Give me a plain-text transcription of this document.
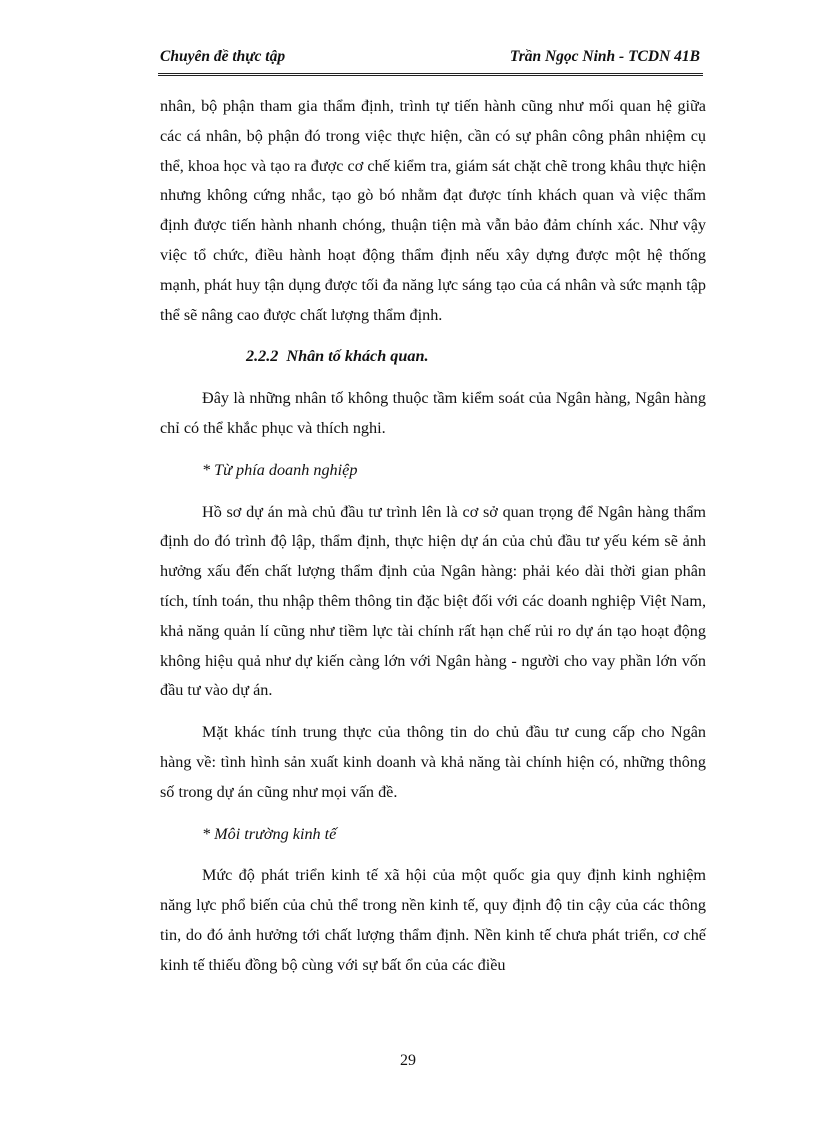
Chuyên đề thực tập	Trần Ngọc Ninh - TCDN 41B

nhân, bộ phận tham gia thẩm định, trình tự tiến hành cũng như mối quan hệ giữa các cá nhân, bộ phận đó trong việc thực hiện, cần có sự phân công phân nhiệm cụ thể, khoa học và tạo ra được cơ chế kiểm tra, giám sát chặt chẽ trong khâu thực hiện nhưng không cứng nhắc, tạo gò bó nhằm đạt được tính khách quan và việc thẩm định được tiến hành nhanh chóng, thuận tiện mà vẫn bảo đảm chính xác. Như vậy việc tổ chức, điều hành hoạt động thẩm định nếu xây dựng được một hệ thống mạnh, phát huy tận dụng được tối đa năng lực sáng tạo của cá nhân và sức mạnh tập thể sẽ nâng cao được chất lượng thẩm định.

2.2.2 Nhân tố khách quan.

Đây là những nhân tố không thuộc tầm kiểm soát của Ngân hàng, Ngân hàng chỉ có thể khắc phục và thích nghi.

* Từ phía doanh nghiệp

Hồ sơ dự án mà chủ đầu tư trình lên là cơ sở quan trọng để Ngân hàng thẩm định do đó trình độ lập, thẩm định, thực hiện dự án của chủ đầu tư yếu kém sẽ ảnh hưởng xấu đến chất lượng thẩm định của Ngân hàng: phải kéo dài thời gian phân tích, tính toán, thu nhập thêm thông tin đặc biệt đối với các doanh nghiệp Việt Nam, khả năng quản lí cũng như tiềm lực tài chính rất hạn chế rủi ro dự án tạo hoạt động không hiệu quả như dự kiến càng lớn với Ngân hàng - người cho vay phần lớn vốn đầu tư vào dự án.

Mặt khác tính trung thực của thông tin do chủ đầu tư cung cấp cho Ngân hàng về: tình hình sản xuất kinh doanh và khả năng tài chính hiện có, những thông số trong dự án cũng như mọi vấn đề.

* Môi trường kinh tế

Mức độ phát triển kinh tế xã hội của một quốc gia quy định kinh nghiệm năng lực phổ biến của chủ thể trong nền kinh tế, quy định độ tin cậy của các thông tin, do đó ảnh hưởng tới chất lượng thẩm định. Nền kinh tế chưa phát triển, cơ chế kinh tế thiếu đồng bộ cùng với sự bất ổn của các điều

29
